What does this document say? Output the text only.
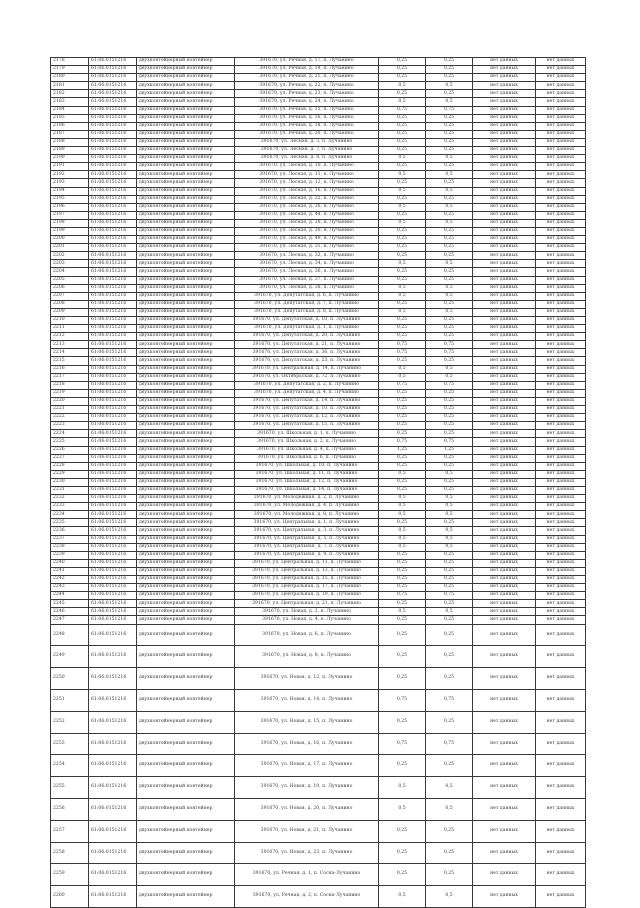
2178	61:06:0151216	двухконтейнерный контейнер	391670, ул. Речная, д. 17, п. Лучанино	0,25	0,25	нет данных	нет данных
2179	61:06:0151216	двухконтейнерный контейнер	391670, ул. Речная, д. 19, п. Лучанино	0,25	0,25	нет данных	нет данных
2180	61:06:0151216	двухконтейнерный контейнер	391670, ул. Речная, д. 21, п. Лучанино	0,25	0,25	нет данных	нет данных
2181	61:06:0151216	двухконтейнерный контейнер	391670, ул. Речная, д. 22, п. Лучанино	0,5	0,5	нет данных	нет данных
2182	61:06:0151216	двухконтейнерный контейнер	391670, ул. Речная, д. 23, п. Лучанино	0,25	0,25	нет данных	нет данных
2183	61:06:0151216	двухконтейнерный контейнер	391670, ул. Речная, д. 24, п. Лучанино	0,5	0,5	нет данных	нет данных
2184	61:06:0151216	двухконтейнерный контейнер	391670, ул. Речная, д. 15, п. Лучанино	0,75	0,75	нет данных	нет данных
2185	61:06:0151216	двухконтейнерный контейнер	391670, ул. Речная, д. 16, п. Лучанино	0,25	0,25	нет данных	нет данных
2186	61:06:0151216	двухконтейнерный контейнер	391670, ул. Речная, д. 18, п. Лучанино	0,25	0,25	нет данных	нет данных
2187	61:06:0151216	двухконтейнерный контейнер	391670, ул. Речная, д. 20, п. Лучанино	0,25	0,25	нет данных	нет данных
2188	61:06:0151216	двухконтейнерный контейнер	391670, ул. Лесная, д. 3, п. Лучанино	0,25	0,25	нет данных	нет данных
2189	61:06:0151216	двухконтейнерный контейнер	391670, ул. Лесная, д. 7, п. Лучанино	0,25	0,25	нет данных	нет данных
2190	61:06:0151216	двухконтейнерный контейнер	391670, ул. Лесная, д. 8, п. Лучанино	0,5	0,5	нет данных	нет данных
2191	61:06:0151216	двухконтейнерный контейнер	391670, ул. Лесная, д. 10, п. Лучанино	0,25	0,25	нет данных	нет данных
2192	61:06:0151216	двухконтейнерный контейнер	391670, ул. Лесная, д. 11, п. Лучанино	0,5	0,5	нет данных	нет данных
2193	61:06:0151216	двухконтейнерный контейнер	391670, ул. Лесная, д. 12, п. Лучанино	0,25	0,25	нет данных	нет данных
2194	61:06:0151216	двухконтейнерный контейнер	391670, ул. Лесная, д. 16, п. Лучанино	0,5	0,5	нет данных	нет данных
2195	61:06:0151216	двухконтейнерный контейнер	391670, ул. Лесная, д. 22, п. Лучанино	0,25	0,25	нет данных	нет данных
2196	61:06:0151216	двухконтейнерный контейнер	391670, ул. Лесная, д. 26, п. Лучанино	0,5	0,5	нет данных	нет данных
2197	61:06:0151216	двухконтейнерный контейнер	391670, ул. Лесная, д. 44, п. Лучанино	0,25	0,25	нет данных	нет данных
2198	61:06:0151216	двухконтейнерный контейнер	391670, ул. Лесная, д. 28, п. Лучанино	0,5	0,5	нет данных	нет данных
2199	61:06:0151216	двухконтейнерный контейнер	391670, ул. Лесная, д. 30, п. Лучанино	0,25	0,25	нет данных	нет данных
2200	61:06:0151216	двухконтейнерный контейнер	391670, ул. Лесная, д. 49, п. Лучанино	0,25	0,25	нет данных	нет данных
2201	61:06:0151216	двухконтейнерный контейнер	391670, ул. Лесная, д. 31, п. Лучанино	0,25	0,25	нет данных	нет данных
2202	61:06:0151216	двухконтейнерный контейнер	391670, ул. Лесная, д. 32, п. Лучанино	0,25	0,25	нет данных	нет данных
2203	61:06:0151216	двухконтейнерный контейнер	391670, ул. Лесная, д. 34, п. Лучанино	0,5	0,5	нет данных	нет данных
2204	61:06:0151216	двухконтейнерный контейнер	391670, ул. Лесная, д. 36, п. Лучанино	0,25	0,25	нет данных	нет данных
2205	61:06:0151216	двухконтейнерный контейнер	391670, ул. Лесная, д. 37, п. Лучанино	0,25	0,25	нет данных	нет данных
2206	61:06:0151216	двухконтейнерный контейнер	391670, ул. Лесная, д. 38, п. Лучанино	0,5	0,5	нет данных	нет данных
2207	61:06:0151216	двухконтейнерный контейнер	391670, ул. Депутатская, д. 6, п. Лучанино	0,5	0,5	нет данных	нет данных
2208	61:06:0151216	двухконтейнерный контейнер	391670, ул. Депутатская, д. 7, п. Лучанино	0,25	0,25	нет данных	нет данных
2209	61:06:0151216	двухконтейнерный контейнер	391670, ул. Депутатская, д. 8, п. Лучанино	0,5	0,5	нет данных	нет данных
2210	61:06:0151216	двухконтейнерный контейнер	391670, ул. Депутатская, д. 10, п. Лучанино	0,25	0,25	нет данных	нет данных
2211	61:06:0151216	двухконтейнерный контейнер	391670, ул. Депутатская, д. 1, п. Лучанино	0,25	0,25	нет данных	нет данных
2212	61:06:0151216	двухконтейнерный контейнер	391670, ул. Депутатская, д. 20, п. Лучанино	0,25	0,25	нет данных	нет данных
2213	61:06:0151216	двухконтейнерный контейнер	391670, ул. Депутатская, д. 21, п. Лучанино	0,75	0,75	нет данных	нет данных
2214	61:06:0151216	двухконтейнерный контейнер	391670, ул. Депутатская, д. 36, п. Лучанино	0,75	0,75	нет данных	нет данных
2215	61:06:0151216	двухконтейнерный контейнер	391670, ул. Депутатская, д. 23, п. Лучанино	0,25	0,25	нет данных	нет данных
2216	61:06:0151216	двухконтейнерный контейнер	391670, ул. Центральная, д. 14, п. Лучанино	0,5	0,5	нет данных	нет данных
2217	61:06:0151216	двухконтейнерный контейнер	391670, ул. Октябрьская, д. 72, п. Лучанино	0,5	0,5	нет данных	нет данных
2218	61:06:0151216	двухконтейнерный контейнер	391670, ул. Депутатская, д. 2, п. Лучанино	0,75	0,75	нет данных	нет данных
2219	61:06:0151216	двухконтейнерный контейнер	391670, ул. Депутатская, д. 4, п. Лучанино	0,25	0,25	нет данных	нет данных
2220	61:06:0151216	двухконтейнерный контейнер	391670, ул. Депутатская, д. 14, п. Лучанино	0,25	0,25	нет данных	нет данных
2221	61:06:0151216	двухконтейнерный контейнер	391670, ул. Депутатская, д. 10, п. Лучанино	0,25	0,25	нет данных	нет данных
2222	61:06:0151216	двухконтейнерный контейнер	391670, ул. Депутатская, д. 12, п. Лучанино	0,25	0,25	нет данных	нет данных
2223	61:06:0151216	двухконтейнерный контейнер	391670, ул. Депутатская, д. 15, п. Лучанино	0,25	0,25	нет данных	нет данных
2224	61:06:0151216	двухконтейнерный контейнер	391670, ул. Школьная, д. 1, п. Лучанино	0,25	0,25	нет данных	нет данных
2225	61:06:0151216	двухконтейнерный контейнер	391670, ул. Школьная, д. 2, п. Лучанино	0,75	0,75	нет данных	нет данных
2226	61:06:0151216	двухконтейнерный контейнер	391670, ул. Школьная, д. 4, п. Лучанино	1,25	1,25	нет данных	нет данных
2227	61:06:0151216	двухконтейнерный контейнер	391670, ул. Школьная, д. 6, п. Лучанино	0,25	0,25	нет данных	нет данных
2228	61:06:0151216	двухконтейнерный контейнер	391670, ул. Школьная, д. 10, п. Лучанино	0,25	0,25	нет данных	нет данных
2229	61:06:0151216	двухконтейнерный контейнер	391670, ул. Школьная, д. 11, п. Лучанино	0,5	0,5	нет данных	нет данных
2230	61:06:0151216	двухконтейнерный контейнер	391670, ул. Школьная, д. 12, п. Лучанино	0,25	0,25	нет данных	нет данных
2231	61:06:0151216	двухконтейнерный контейнер	391670, ул. Школьная, д. 14, п. Лучанино	0,25	0,25	нет данных	нет данных
2232	61:06:0151216	двухконтейнерный контейнер	391670, ул. Молодежная, д. 2, п. Лучанино	0,5	0,5	нет данных	нет данных
2233	61:06:0151216	двухконтейнерный контейнер	391670, ул. Молодежная, д. 4, п. Лучанино	0,5	0,5	нет данных	нет данных
2234	61:06:0151216	двухконтейнерный контейнер	391670, ул. Молодежная, д. 8, п. Лучанино	0,5	0,5	нет данных	нет данных
2235	61:06:0151216	двухконтейнерный контейнер	391670, ул. Центральная, д. 1, п. Лучанино	0,25	0,25	нет данных	нет данных
2236	61:06:0151216	двухконтейнерный контейнер	391670, ул. Центральная, д. 3, п. Лучанино	0,5	0,5	нет данных	нет данных
2237	61:06:0151216	двухконтейнерный контейнер	391670, ул. Центральная, д. 5, п. Лучанино	0,5	0,5	нет данных	нет данных
2238	61:06:0151216	двухконтейнерный контейнер	391670, ул. Центральная, д. 7, п. Лучанино	0,5	0,5	нет данных	нет данных
2239	61:06:0151216	двухконтейнерный контейнер	391670, ул. Центральная, д. 9, п. Лучанино	0,25	0,25	нет данных	нет данных
2240	61:06:0151216	двухконтейнерный контейнер	391670, ул. Центральная, д. 11, п. Лучанино	0,25	0,25	нет данных	нет данных
2241	61:06:0151216	двухконтейнерный контейнер	391670, ул. Центральная, д. 13, п. Лучанино	0,25	0,25	нет данных	нет данных
2242	61:06:0151216	двухконтейнерный контейнер	391670, ул. Центральная, д. 15, п. Лучанино	0,25	0,25	нет данных	нет данных
2243	61:06:0151216	двухконтейнерный контейнер	391670, ул. Центральная, д. 17, п. Лучанино	0,25	0,25	нет данных	нет данных
2244	61:06:0151216	двухконтейнерный контейнер	391670, ул. Центральная, д. 19, п. Лучанино	0,75	0,75	нет данных	нет данных
2245	61:06:0151216	двухконтейнерный контейнер	391670, ул. Центральная, д. 21, п. Лучанино	0,25	0,25	нет данных	нет данных
2246	61:06:0151216	двухконтейнерный контейнер	391670, ул. Новая, д. 2, п. Лучанино	0,5	0,5	нет данных	нет данных
2247	61:06:0151216	двухконтейнерный контейнер	391670, ул. Новая, д. 4, п. Лучанино	0,25	0,25	нет данных	нет данных
2248	61:06:0151216	двухконтейнерный контейнер	391670, ул. Новая, д. 6, п. Лучанино	0,25	0,25	нет данных	нет данных
2249	61:06:0151216	двухконтейнерный контейнер	391670, ул. Новая, д. 8, п. Лучанино	0,25	0,25	нет данных	нет данных
2250	61:06:0151216	двухконтейнерный контейнер	391670, ул. Новая, д. 12, п. Лучанино	0,25	0,25	нет данных	нет данных
2251	61:06:0151216	двухконтейнерный контейнер	391670, ул. Новая, д. 14, п. Лучанино	0,75	0,75	нет данных	нет данных
2252	61:06:0151216	двухконтейнерный контейнер	391670, ул. Новая, д. 15, п. Лучанино	0,25	0,25	нет данных	нет данных
2253	61:06:0151216	двухконтейнерный контейнер	391670, ул. Новая, д. 16, п. Лучанино	0,75	0,75	нет данных	нет данных
2254	61:06:0151216	двухконтейнерный контейнер	391670, ул. Новая, д. 17, п. Лучанино	0,25	0,25	нет данных	нет данных
2255	61:06:0151216	двухконтейнерный контейнер	391670, ул. Новая, д. 19, п. Лучанино	0,5	0,5	нет данных	нет данных
2256	61:06:0151216	двухконтейнерный контейнер	391670, ул. Новая, д. 20, п. Лучанино	0,5	0,5	нет данных	нет данных
2257	61:06:0151216	двухконтейнерный контейнер	391670, ул. Новая, д. 21, п. Лучанино	0,25	0,25	нет данных	нет данных
2258	61:06:0151216	двухконтейнерный контейнер	391670, ул. Новая, д. 23, п. Лучанино	0,25	0,25	нет данных	нет данных
2259	61:06:0151216	двухконтейнерный контейнер	391670, ул. Речная, д. 1, п. Сосна-Лучанино	0,25	0,25	нет данных	нет данных
2260	61:06:0151216	двухконтейнерный контейнер	391670, ул. Речная, д. 2, п. Сосна-Лучанино	0,5	0,5	нет данных	нет данных
